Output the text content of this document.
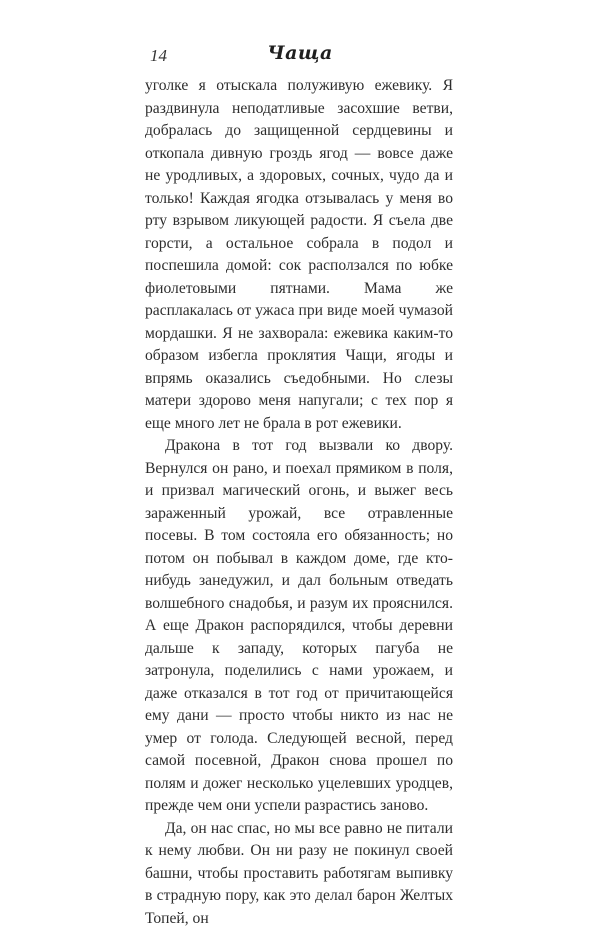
14	Чаща

уголке я отыскала полуживую ежевику. Я раздвинула неподатливые засохшие ветви, добралась до защищенной сердцевины и откопала дивную гроздь ягод — вовсе даже не уродливых, а здоровых, сочных, чудо да и только! Каждая ягодка отзывалась у меня во рту взрывом ликующей радости. Я съела две горсти, а остальное собрала в подол и поспешила домой: сок расползался по юбке фиолетовыми пятнами. Мама же расплакалась от ужаса при виде моей чумазой мордашки. Я не захворала: ежевика каким-то образом избегла проклятия Чащи, ягоды и впрямь оказались съедобными. Но слезы матери здорово меня напугали; с тех пор я еще много лет не брала в рот ежевики.

Дракона в тот год вызвали ко двору. Вернулся он рано, и поехал прямиком в поля, и призвал магический огонь, и выжег весь зараженный урожай, все отравленные посевы. В том состояла его обязанность; но потом он побывал в каждом доме, где кто-нибудь занедужил, и дал больным отведать волшебного снадобья, и разум их прояснился. А еще Дракон распорядился, чтобы деревни дальше к западу, которых пагуба не затронула, поделились с нами урожаем, и даже отказался в тот год от причитающейся ему дани — просто чтобы никто из нас не умер от голода. Следующей весной, перед самой посевной, Дракон снова прошел по полям и дожег несколько уцелевших уродцев, прежде чем они успели разрастись заново.

Да, он нас спас, но мы все равно не питали к нему любви. Он ни разу не покинул своей башни, чтобы проставить работягам выпивку в страдную пору, как это делал барон Желтых Топей, он
